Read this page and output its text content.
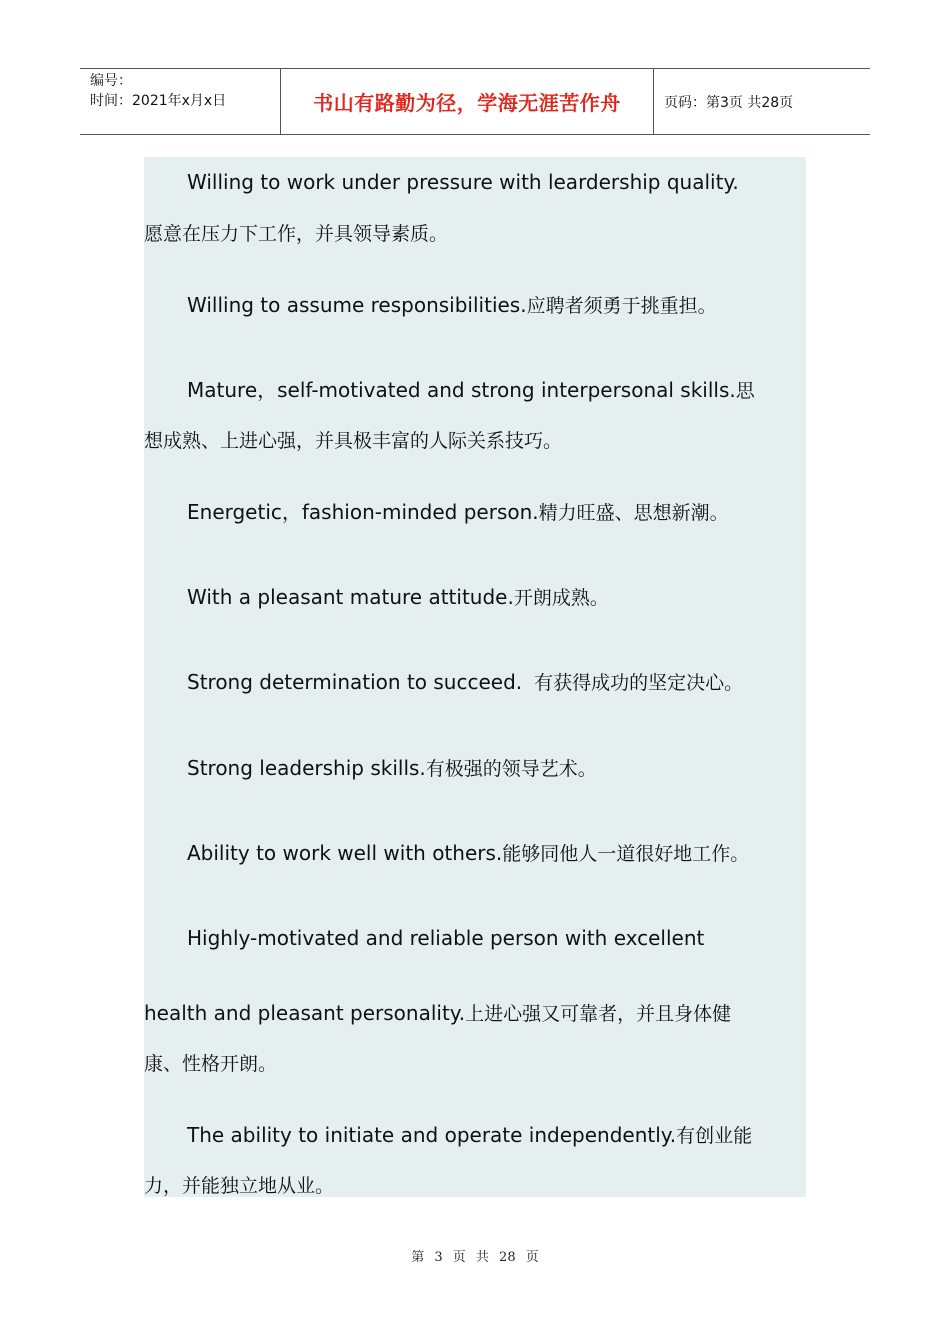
编号：
时间：2021年x月x日	书山有路勤为径，学海无涯苦作舟	页码：第3页 共28页
Willing to work under pressure with leardership quality.
愿意在压力下工作，并具领导素质。
Willing to assume responsibilities.应聘者须勇于挑重担。
Mature，self-motivated and strong interpersonal skills.思
想成熟、上进心强，并具极丰富的人际关系技巧。
Energetic，fashion-minded person.精力旺盛、思想新潮。
With a pleasant mature attitude.开朗成熟。
Strong determination to succeed. 有获得成功的坚定决心。
Strong leadership skills.有极强的领导艺术。
Ability to work well with others.能够同他人一道很好地工作。
Highly-motivated and reliable person with excellent
health and pleasant personality.上进心强又可靠者，并且身体健
康、性格开朗。
The ability to initiate and operate independently.有创业能
力，并能独立地从业。
第 3 页 共 28 页
